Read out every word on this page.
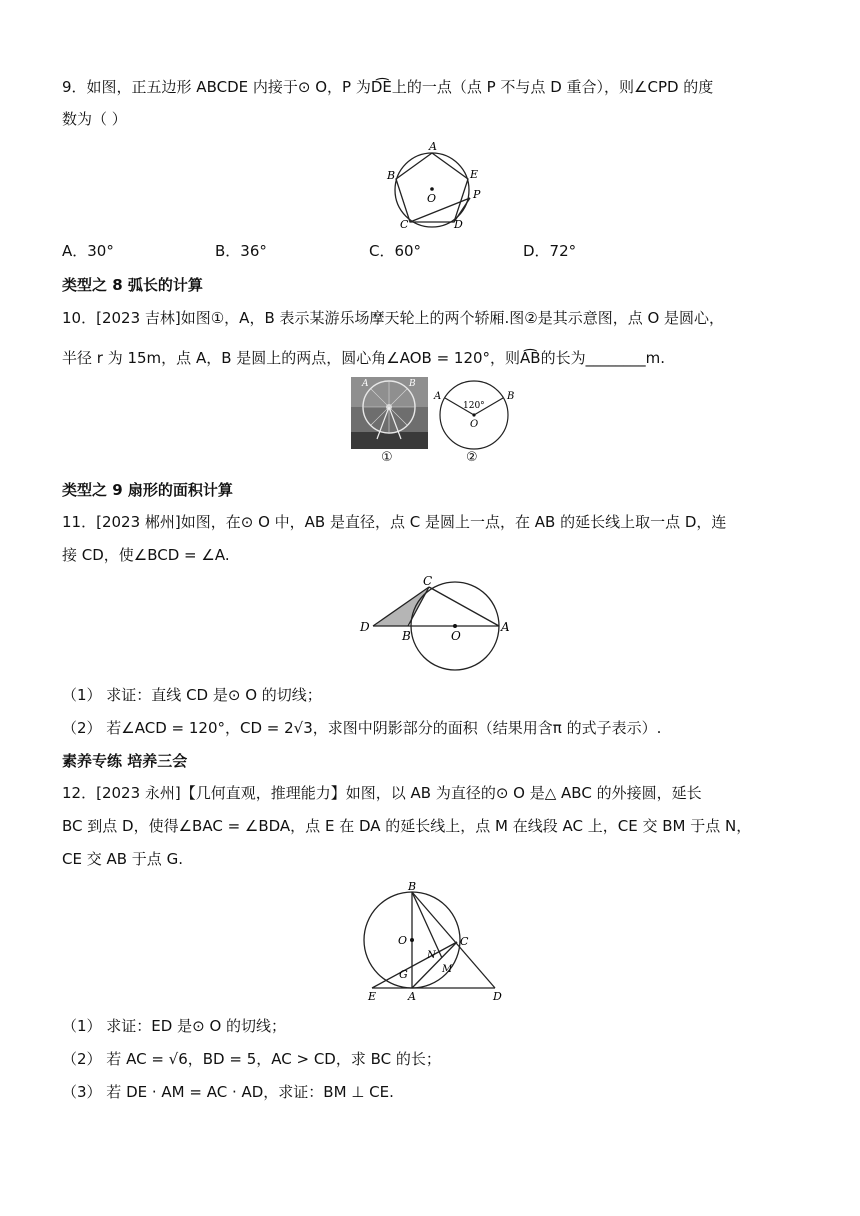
9．如图，正五边形 ABCDE 内接于⊙ O，P 为D͡E上的一点（点 P 不与点 D 重合），则∠CPD 的度
数为（ ）
A
B	E
P
C	D
O
A．30°	B．36°	C．60°	D．72°
类型之 8 弧长的计算
10．[2023 吉林]如图①，A，B 表示某游乐场摩天轮上的两个轿厢.图②是其示意图，点 O 是圆心，
半径 r 为 15m，点 A，B 是圆上的两点，圆心角∠AOB = 120°，则A͡B的长为________m.
A	B
①
A	B
O
120°
②
类型之 9 扇形的面积计算
11．[2023 郴州]如图，在⊙ O 中，AB 是直径，点 C 是圆上一点，在 AB 的延长线上取一点 D，连
接 CD，使∠BCD = ∠A.
C
D
B	O
A
（1） 求证：直线 CD 是⊙ O 的切线；
（2） 若∠ACD = 120°，CD = 2√3，求图中阴影部分的面积（结果用含π 的式子表示）.
素养专练 培养三会
12．[2023 永州]【几何直观，推理能力】如图，以 AB 为直径的⊙ O 是△ ABC 的外接圆，延长
BC 到点 D，使得∠BAC = ∠BDA，点 E 在 DA 的延长线上，点 M 在线段 AC 上，CE 交 BM 于点 N，
CE 交 AB 于点 G.
B
O	C
N
M
G
E	A	D
（1） 求证：ED 是⊙ O 的切线；
（2） 若 AC = √6，BD = 5，AC > CD，求 BC 的长；
（3） 若 DE · AM = AC · AD，求证：BM ⊥ CE.
